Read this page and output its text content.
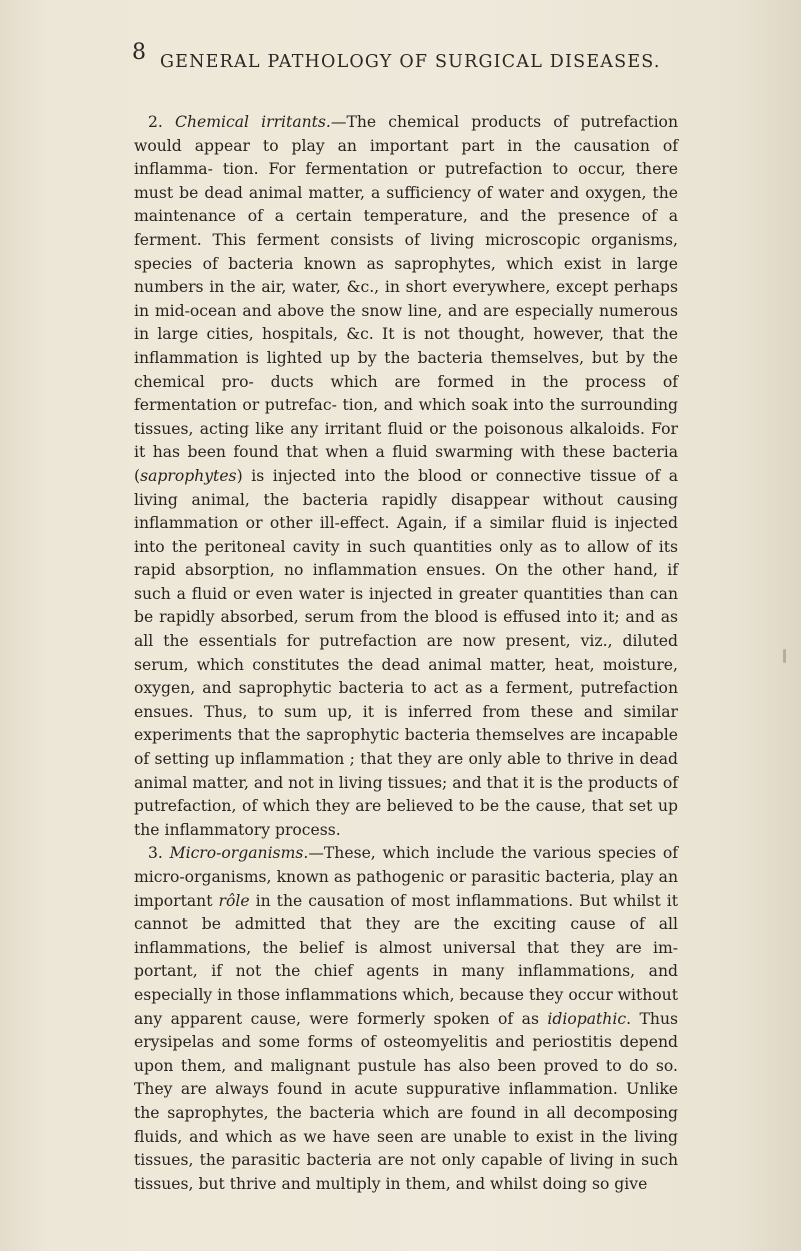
8 GENERAL PATHOLOGY OF SURGICAL DISEASES.

2. Chemical irritants.—The chemical products of putrefaction would appear to play an important part in the causation of inflamma- tion. For fermentation or putrefaction to occur, there must be dead animal matter, a sufficiency of water and oxygen, the maintenance of a certain temperature, and the presence of a ferment. This ferment consists of living microscopic organisms, species of bacteria known as saprophytes, which exist in large numbers in the air, water, &c., in short everywhere, except perhaps in mid-ocean and above the snow line, and are especially numerous in large cities, hospitals, &c. It is not thought, however, that the inflammation is lighted up by the bacteria themselves, but by the chemical pro- ducts which are formed in the process of fermentation or putrefac- tion, and which soak into the surrounding tissues, acting like any irritant fluid or the poisonous alkaloids. For it has been found that when a fluid swarming with these bacteria (saprophytes) is injected into the blood or connective tissue of a living animal, the bacteria rapidly disappear without causing inflammation or other ill-effect. Again, if a similar fluid is injected into the peritoneal cavity in such quantities only as to allow of its rapid absorption, no inflammation ensues. On the other hand, if such a fluid or even water is injected in greater quantities than can be rapidly absorbed, serum from the blood is effused into it; and as all the essentials for putrefaction are now present, viz., diluted serum, which constitutes the dead animal matter, heat, moisture, oxygen, and saprophytic bacteria to act as a ferment, putrefaction ensues. Thus, to sum up, it is inferred from these and similar experiments that the saprophytic bacteria themselves are incapable of setting up inflammation ; that they are only able to thrive in dead animal matter, and not in living tissues; and that it is the products of putrefaction, of which they are believed to be the cause, that set up the inflammatory process.

3. Micro-organisms.—These, which include the various species of micro-organisms, known as pathogenic or parasitic bacteria, play an important rôle in the causation of most inflammations. But whilst it cannot be admitted that they are the exciting cause of all inflammations, the belief is almost universal that they are im- portant, if not the chief agents in many inflammations, and especially in those inflammations which, because they occur without any apparent cause, were formerly spoken of as idiopathic. Thus erysipelas and some forms of osteomyelitis and periostitis depend upon them, and malignant pustule has also been proved to do so. They are always found in acute suppurative inflammation. Unlike the saprophytes, the bacteria which are found in all decomposing fluids, and which as we have seen are unable to exist in the living tissues, the parasitic bacteria are not only capable of living in such tissues, but thrive and multiply in them, and whilst doing so give
